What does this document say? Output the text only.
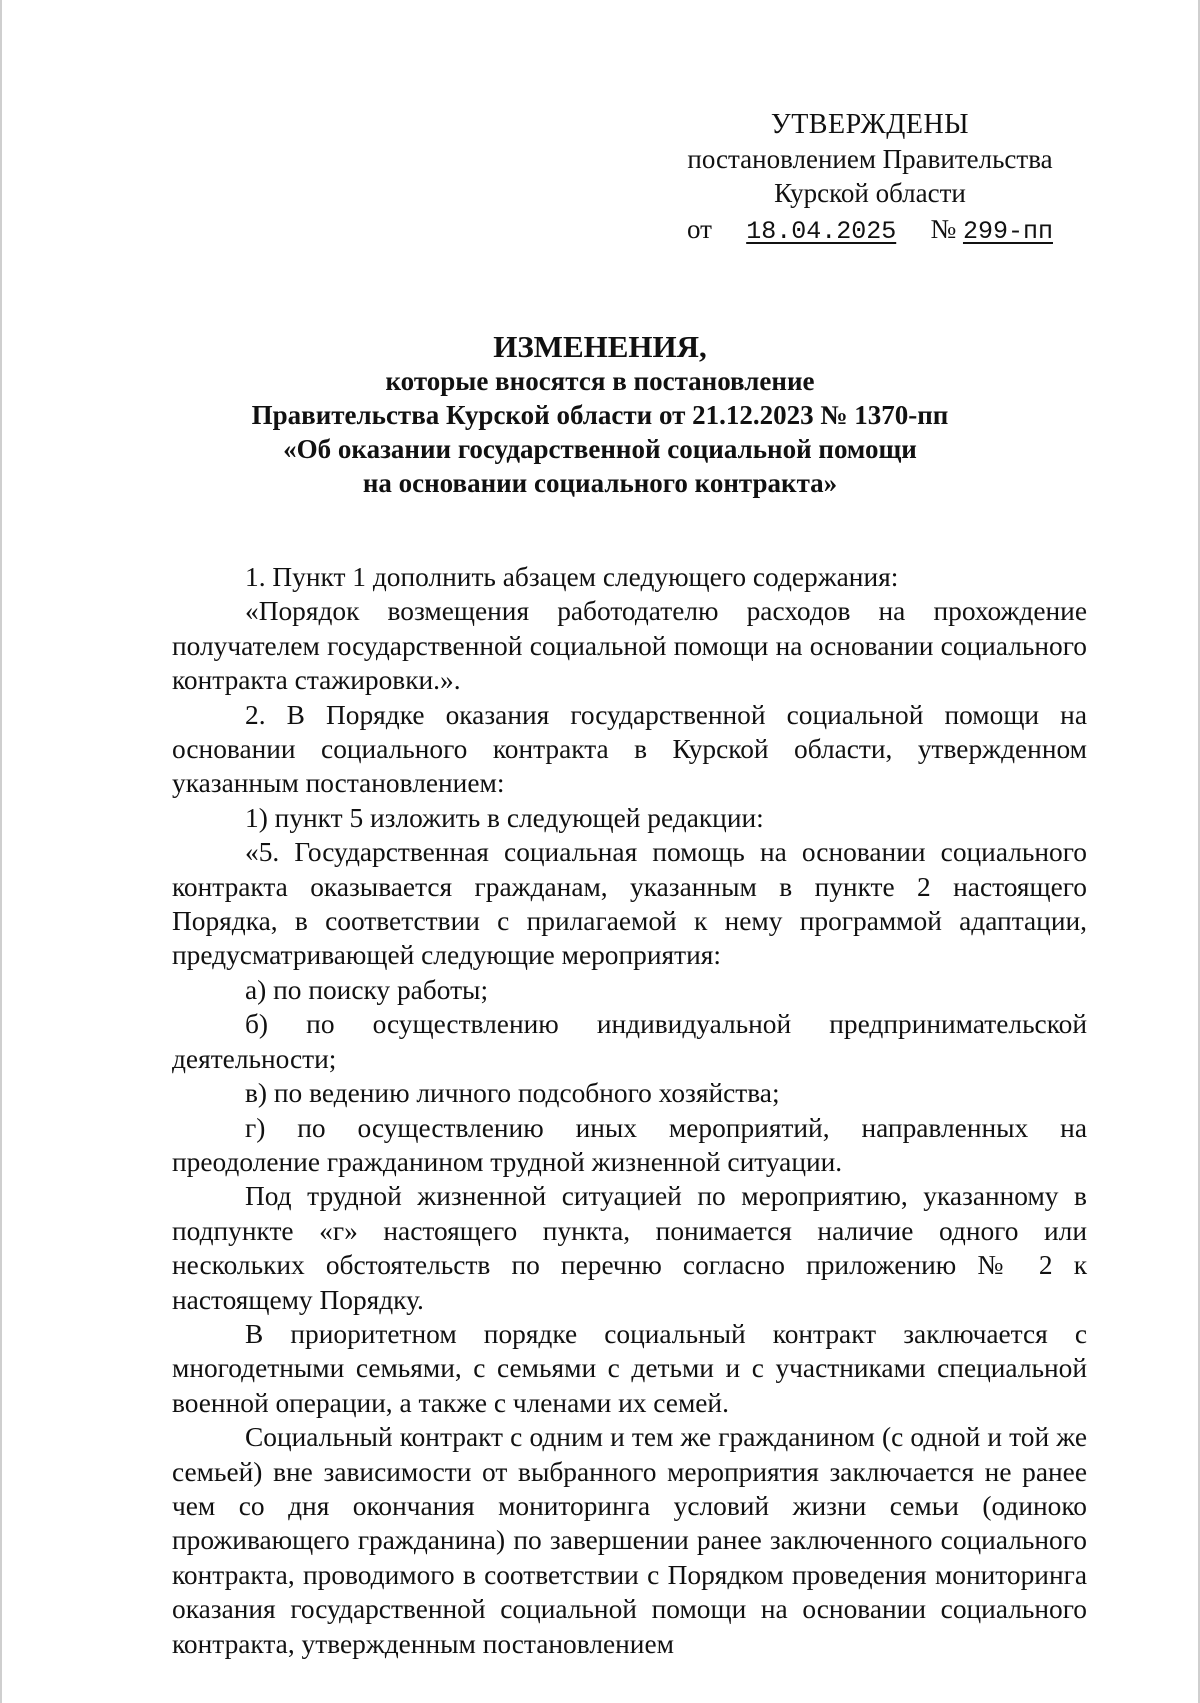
УТВЕРЖДЕНЫ
постановлением Правительства
Курской области
от 18.04.2025 № 299-пп
ИЗМЕНЕНИЯ,
которые вносятся в постановление
Правительства Курской области от 21.12.2023 № 1370-пп
«Об оказании государственной социальной помощи
на основании социального контракта»

1. Пункт 1 дополнить абзацем следующего содержания:

«Порядок возмещения работодателю расходов на прохождение получателем государственной социальной помощи на основании социального контракта стажировки.».

2. В Порядке оказания государственной социальной помощи на основании социального контракта в Курской области, утвержденном указанным постановлением:

1) пункт 5 изложить в следующей редакции:

«5. Государственная социальная помощь на основании социального контракта оказывается гражданам, указанным в пункте 2 настоящего Порядка, в соответствии с прилагаемой к нему программой адаптации, предусматривающей следующие мероприятия:

а) по поиску работы;

б) по осуществлению индивидуальной предпринимательской деятельности;

в) по ведению личного подсобного хозяйства;

г) по осуществлению иных мероприятий, направленных на преодоление гражданином трудной жизненной ситуации.

Под трудной жизненной ситуацией по мероприятию, указанному в подпункте «г» настоящего пункта, понимается наличие одного или нескольких обстоятельств по перечню согласно приложению № 2 к настоящему Порядку.

В приоритетном порядке социальный контракт заключается с многодетными семьями, с семьями с детьми и с участниками специальной военной операции, а также с членами их семей.

Социальный контракт с одним и тем же гражданином (с одной и той же семьей) вне зависимости от выбранного мероприятия заключается не ранее чем со дня окончания мониторинга условий жизни семьи (одиноко проживающего гражданина) по завершении ранее заключенного социального контракта, проводимого в соответствии с Порядком проведения мониторинга оказания государственной социальной помощи на основании социального контракта, утвержденным постановлением
